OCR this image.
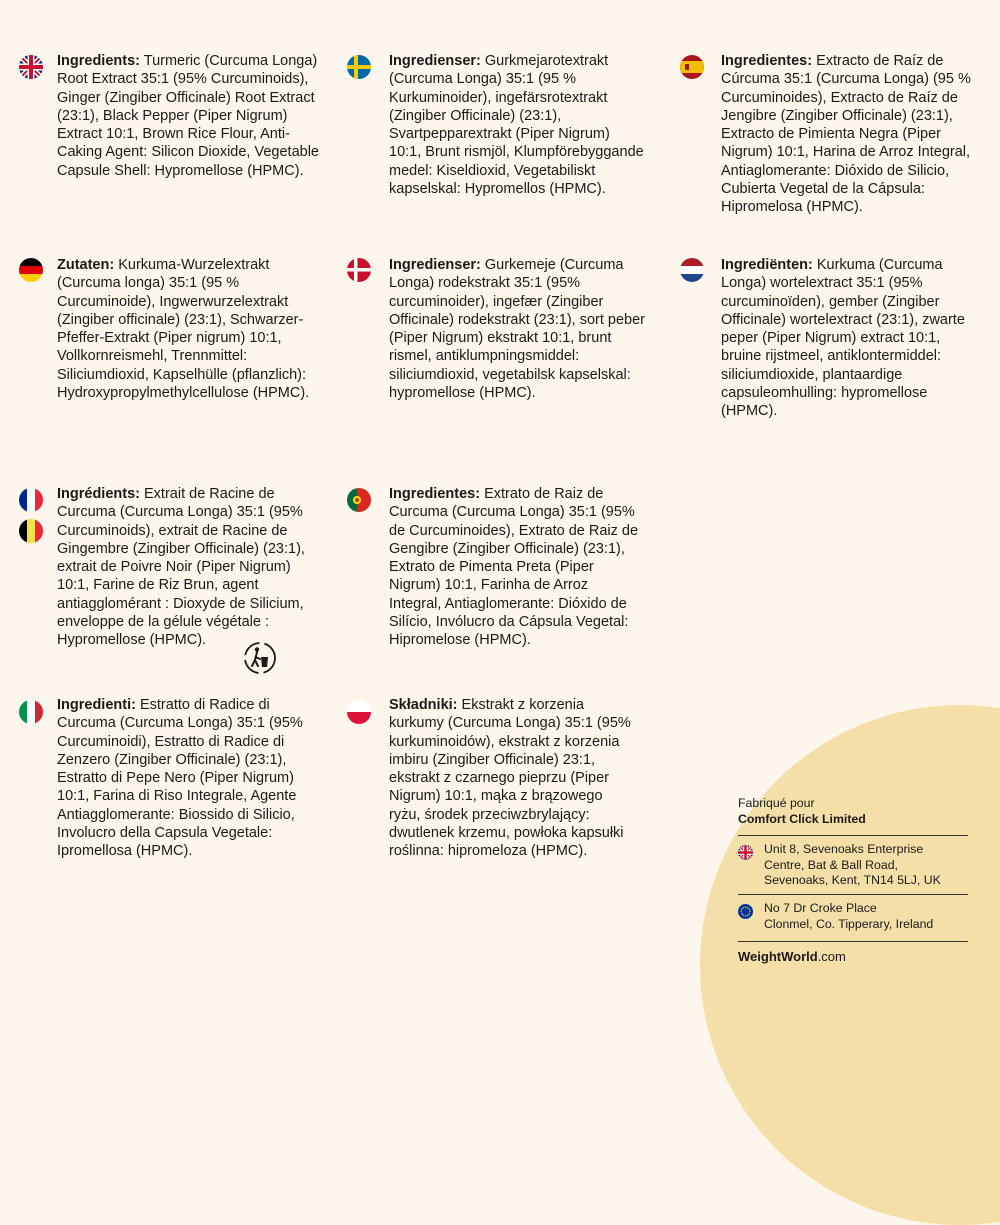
Ingredients: Turmeric (Curcuma Longa) Root Extract 35:1 (95% Curcuminoids), Ginger (Zingiber Officinale) Root Extract (23:1), Black Pepper (Piper Nigrum) Extract 10:1, Brown Rice Flour, Anti-Caking Agent: Silicon Dioxide, Vegetable Capsule Shell: Hypromellose (HPMC).
Ingredienser: Gurkmejarotextrakt (Curcuma Longa) 35:1 (95 % Kurkuminoider), ingefärsrotextrakt (Zingiber Officinale) (23:1), Svartpepparextrakt (Piper Nigrum) 10:1, Brunt rismjöl, Klumpförebyggande medel: Kiseldioxid, Vegetabiliskt kapselskal: Hypromellos (HPMC).
Ingredientes: Extracto de Raíz de Cúrcuma 35:1 (Curcuma Longa) (95 % Curcuminoides), Extracto de Raíz de Jengibre (Zingiber Officinale) (23:1), Extracto de Pimienta Negra (Piper Nigrum) 10:1, Harina de Arroz Integral, Antiaglomerante: Dióxido de Silicio, Cubierta Vegetal de la Cápsula: Hipromelosa (HPMC).
Zutaten: Kurkuma-Wurzelextrakt (Curcuma longa) 35:1 (95 % Curcuminoide), Ingwerwurzelextrakt (Zingiber officinale) (23:1), Schwarzer-Pfeffer-Extrakt (Piper nigrum) 10:1, Vollkornreismehl, Trennmittel: Siliciumdioxid, Kapselhülle (pflanzlich): Hydroxypropylmethylcellulose (HPMC).
Ingredienser: Gurkemeje (Curcuma Longa) rodekstrakt 35:1 (95% curcuminoider), ingefær (Zingiber Officinale) rodekstrakt (23:1), sort peber (Piper Nigrum) ekstrakt 10:1, brunt rismel, antiklumpningsmiddel: siliciumdioxid, vegetabilsk kapselskal: hypromellose (HPMC).
Ingrediënten: Kurkuma (Curcuma Longa) wortelextract 35:1 (95% curcuminoïden), gember (Zingiber Officinale) wortelextract (23:1), zwarte peper (Piper Nigrum) extract 10:1, bruine rijstmeel, antiklontermiddel: siliciumdioxide, plantaardige capsuleomhulling: hypromellose (HPMC).
Ingrédients: Extrait de Racine de Curcuma (Curcuma Longa) 35:1 (95% Curcuminoids), extrait de Racine de Gingembre (Zingiber Officinale) (23:1), extrait de Poivre Noir (Piper Nigrum) 10:1, Farine de Riz Brun, agent antiagglomérant : Dioxyde de Silicium, enveloppe de la gélule végétale : Hypromellose (HPMC).
Ingredientes: Extrato de Raiz de Curcuma (Curcuma Longa) 35:1 (95% de Curcuminoides), Extrato de Raiz de Gengibre (Zingiber Officinale) (23:1), Extrato de Pimenta Preta (Piper Nigrum) 10:1, Farinha de Arroz Integral, Antiaglomerante: Dióxido de Silício, Invólucro da Cápsula Vegetal: Hipromelose (HPMC).
Ingredienti: Estratto di Radice di Curcuma (Curcuma Longa) 35:1 (95% Curcuminoidi), Estratto di Radice di Zenzero (Zingiber Officinale) (23:1), Estratto di Pepe Nero (Piper Nigrum) 10:1, Farina di Riso Integrale, Agente Antiagglomerante: Biossido di Silicio, Involucro della Capsula Vegetale: Ipromellosa (HPMC).
Składniki: Ekstrakt z korzenia kurkumy (Curcuma Longa) 35:1 (95% kurkuminoidów), ekstrakt z korzenia imbiru (Zingiber Officinale) 23:1, ekstrakt z czarnego pieprzu (Piper Nigrum) 10:1, mąka z brązowego ryżu, środek przeciwzbrylający: dwutlenek krzemu, powłoka kapsułki roślinna: hipromeloza (HPMC).
Fabriqué pour
Comfort Click Limited
Unit 8, Sevenoaks Enterprise
Centre, Bat & Ball Road,
Sevenoaks, Kent, TN14 5LJ, UK
No 7 Dr Croke Place
Clonmel, Co. Tipperary, Ireland
WeightWorld.com
